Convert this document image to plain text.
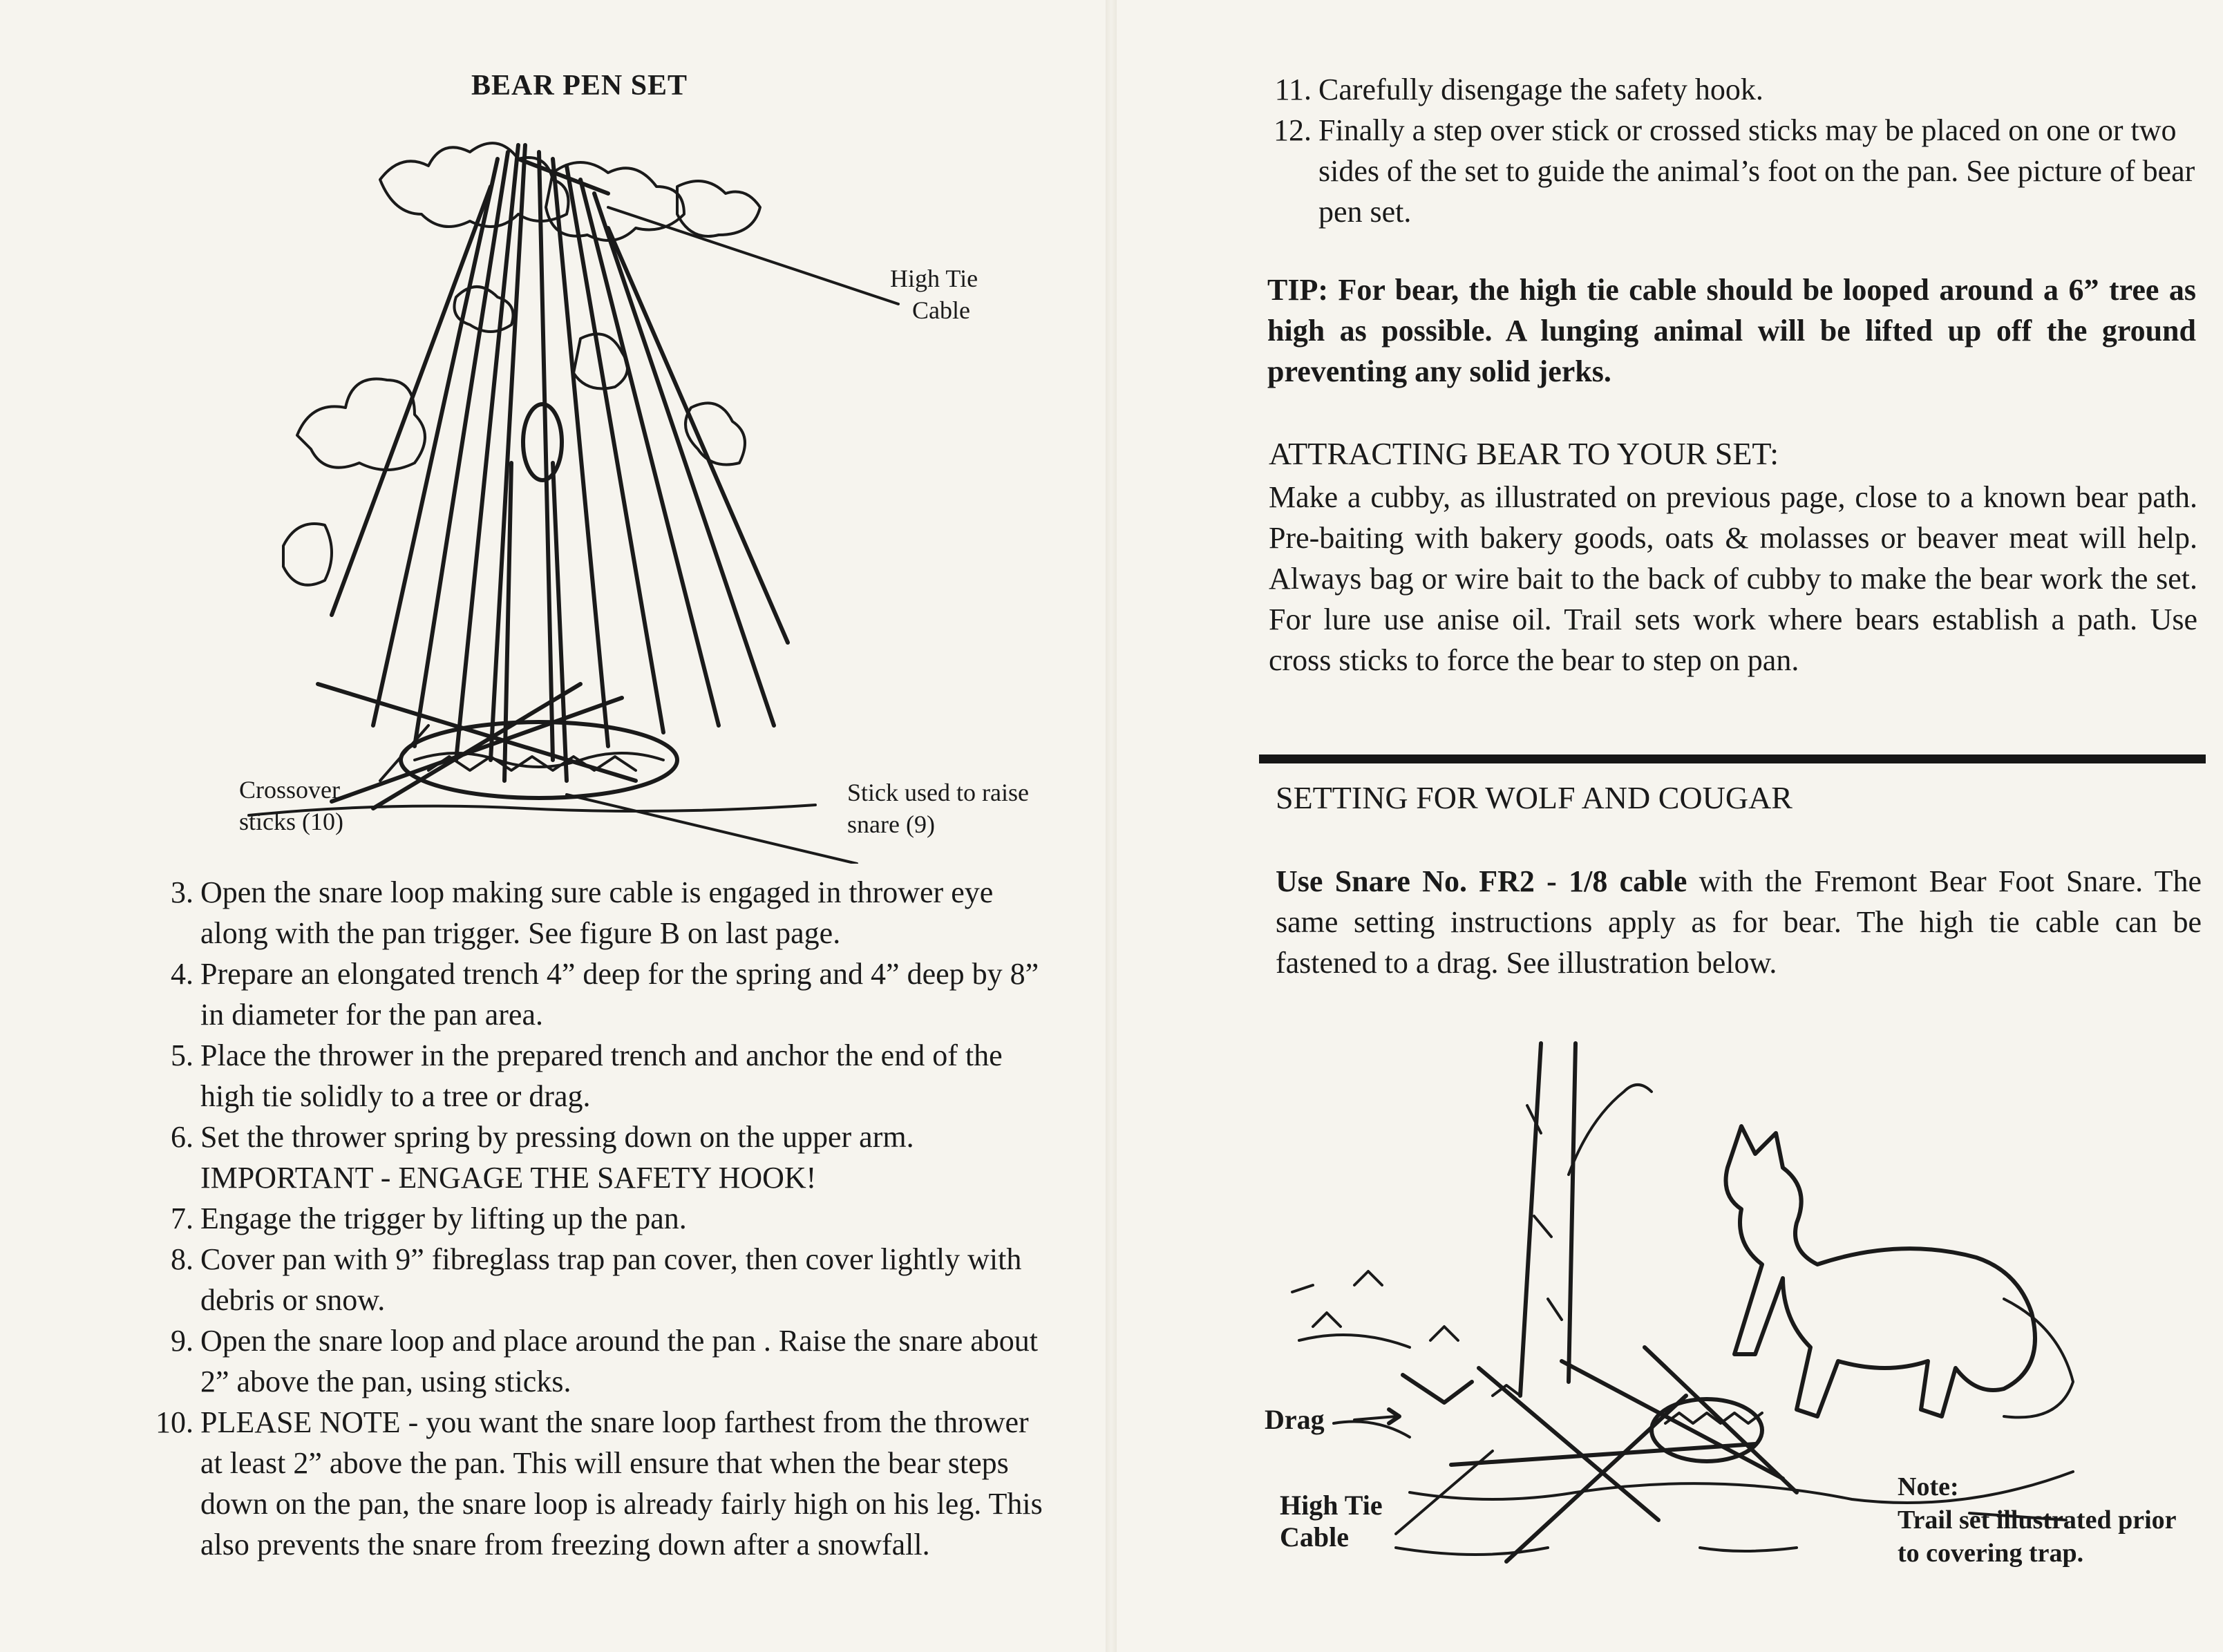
BEAR PEN SET
High Tie
Cable
Crossover
sticks (10)
Stick used to raise
snare (9)
3. Open the snare loop making sure cable is engaged in thrower eye along with the pan trigger. See figure B on last page.
4. Prepare an elongated trench 4” deep for the spring and 4” deep by 8” in diameter for the pan area.
5. Place the thrower in the prepared trench and anchor the end of the high tie solidly to a tree or drag.
6. Set the thrower spring by pressing down on the upper arm. IMPORTANT - ENGAGE THE SAFETY HOOK!
7. Engage the trigger by lifting up the pan.
8. Cover pan with 9” fibreglass trap pan cover, then cover lightly with debris or snow.
9. Open the snare loop and place around the pan . Raise the snare about 2” above the pan, using sticks.
10. PLEASE NOTE - you want the snare loop farthest from the thrower at least 2” above the pan. This will ensure that when the bear steps down on the pan, the snare loop is already fairly high on his leg. This also prevents the snare from freezing down after a snowfall.
11. Carefully disengage the safety hook.
12. Finally a step over stick or crossed sticks may be placed on one or two sides of the set to guide the animal’s foot on the pan. See picture of bear pen set.

TIP: For bear, the high tie cable should be looped around a 6” tree as high as possible. A lunging animal will be lifted up off the ground preventing any solid jerks.

ATTRACTING BEAR TO YOUR SET:

Make a cubby, as illustrated on previous page, close to a known bear path. Pre-baiting with bakery goods, oats & molasses or beaver meat will help. Always bag or wire bait to the back of cubby to make the bear work the set. For lure use anise oil. Trail sets work where bears establish a path. Use cross sticks to force the bear to step on pan.

SETTING FOR WOLF AND COUGAR

Use Snare No. FR2 - 1/8 cable with the Fremont Bear Foot Snare. The same setting instructions apply as for bear. The high tie cable can be fastened to a drag. See illustration below.

Drag
High Tie
Cable
Note:
Trail set illustrated prior
to covering trap.
